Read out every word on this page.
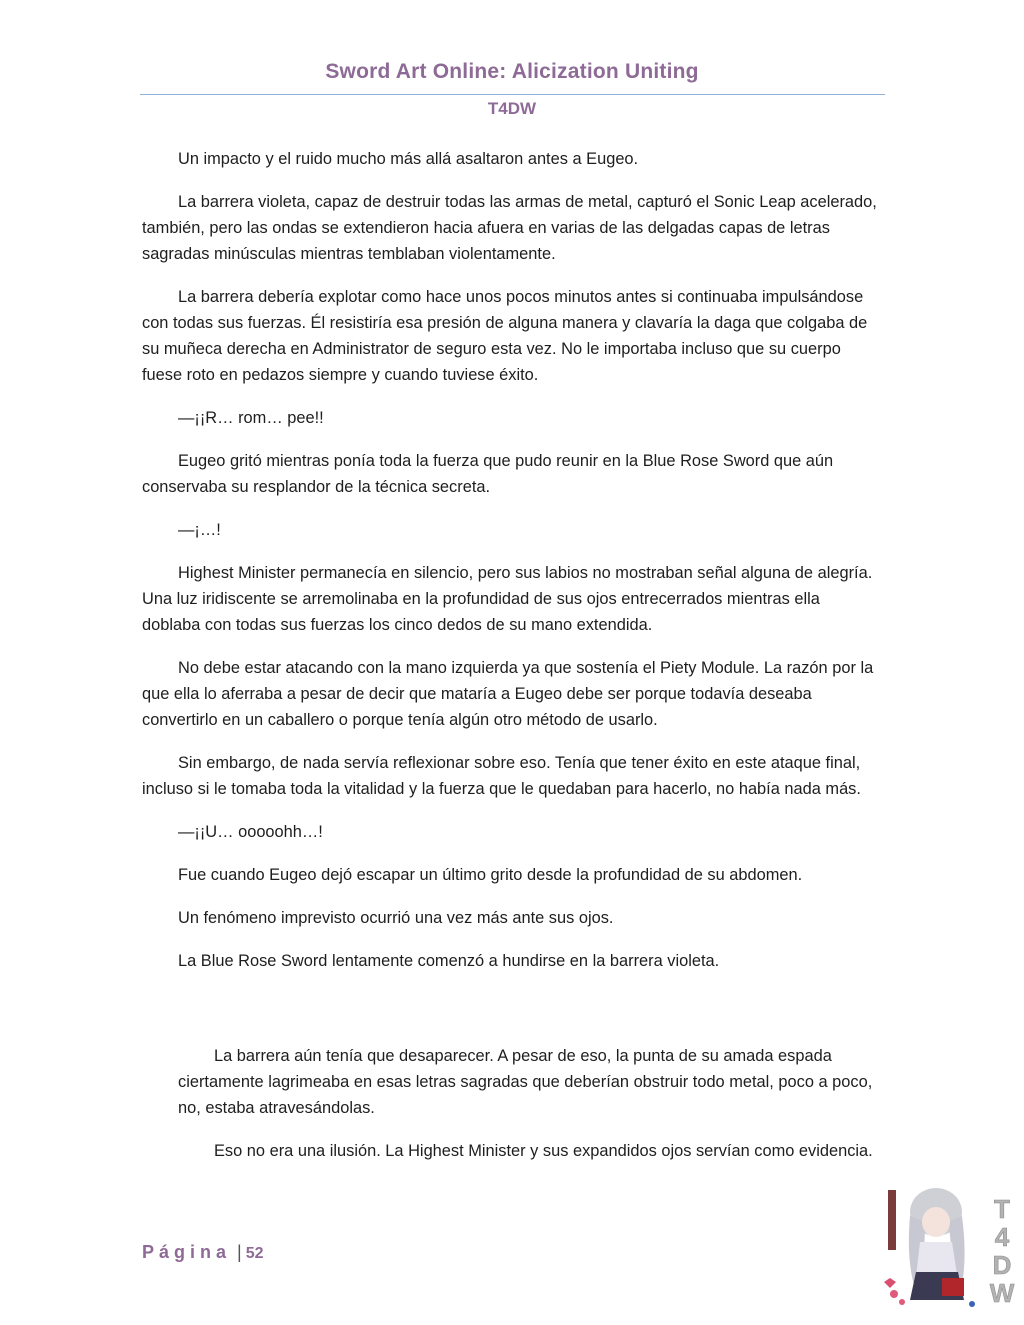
Sword Art Online: Alicization Uniting
T4DW

Un impacto y el ruido mucho más allá asaltaron antes a Eugeo.

La barrera violeta, capaz de destruir todas las armas de metal, capturó el Sonic Leap acelerado, también, pero las ondas se extendieron hacia afuera en varias de las delgadas capas de letras sagradas minúsculas mientras temblaban violentamente.

La barrera debería explotar como hace unos pocos minutos antes si continuaba impulsándose con todas sus fuerzas. Él resistiría esa presión de alguna manera y clavaría la daga que colgaba de su muñeca derecha en Administrator de seguro esta vez. No le importaba incluso que su cuerpo fuese roto en pedazos siempre y cuando tuviese éxito.

—¡¡R… rom… pee!!

Eugeo gritó mientras ponía toda la fuerza que pudo reunir en la Blue Rose Sword que aún conservaba su resplandor de la técnica secreta.

—¡…!

Highest Minister permanecía en silencio, pero sus labios no mostraban señal alguna de alegría. Una luz iridiscente se arremolinaba en la profundidad de sus ojos entrecerrados mientras ella doblaba con todas sus fuerzas los cinco dedos de su mano extendida.

No debe estar atacando con la mano izquierda ya que sostenía el Piety Module. La razón por la que ella lo aferraba a pesar de decir que mataría a Eugeo debe ser porque todavía deseaba convertirlo en un caballero o porque tenía algún otro método de usarlo.

Sin embargo, de nada servía reflexionar sobre eso. Tenía que tener éxito en este ataque final, incluso si le tomaba toda la vitalidad y la fuerza que le quedaban para hacerlo, no había nada más.

—¡¡U… ooooohh…!

Fue cuando Eugeo dejó escapar un último grito desde la profundidad de su abdomen.

Un fenómeno imprevisto ocurrió una vez más ante sus ojos.

La Blue Rose Sword lentamente comenzó a hundirse en la barrera violeta.

La barrera aún tenía que desaparecer. A pesar de eso, la punta de su amada espada ciertamente lagrimeaba en esas letras sagradas que deberían obstruir todo metal, poco a poco, no, estaba atravesándolas.

Eso no era una ilusión. La Highest Minister y sus expandidos ojos servían como evidencia.

Página | 52
T
4
D
W
